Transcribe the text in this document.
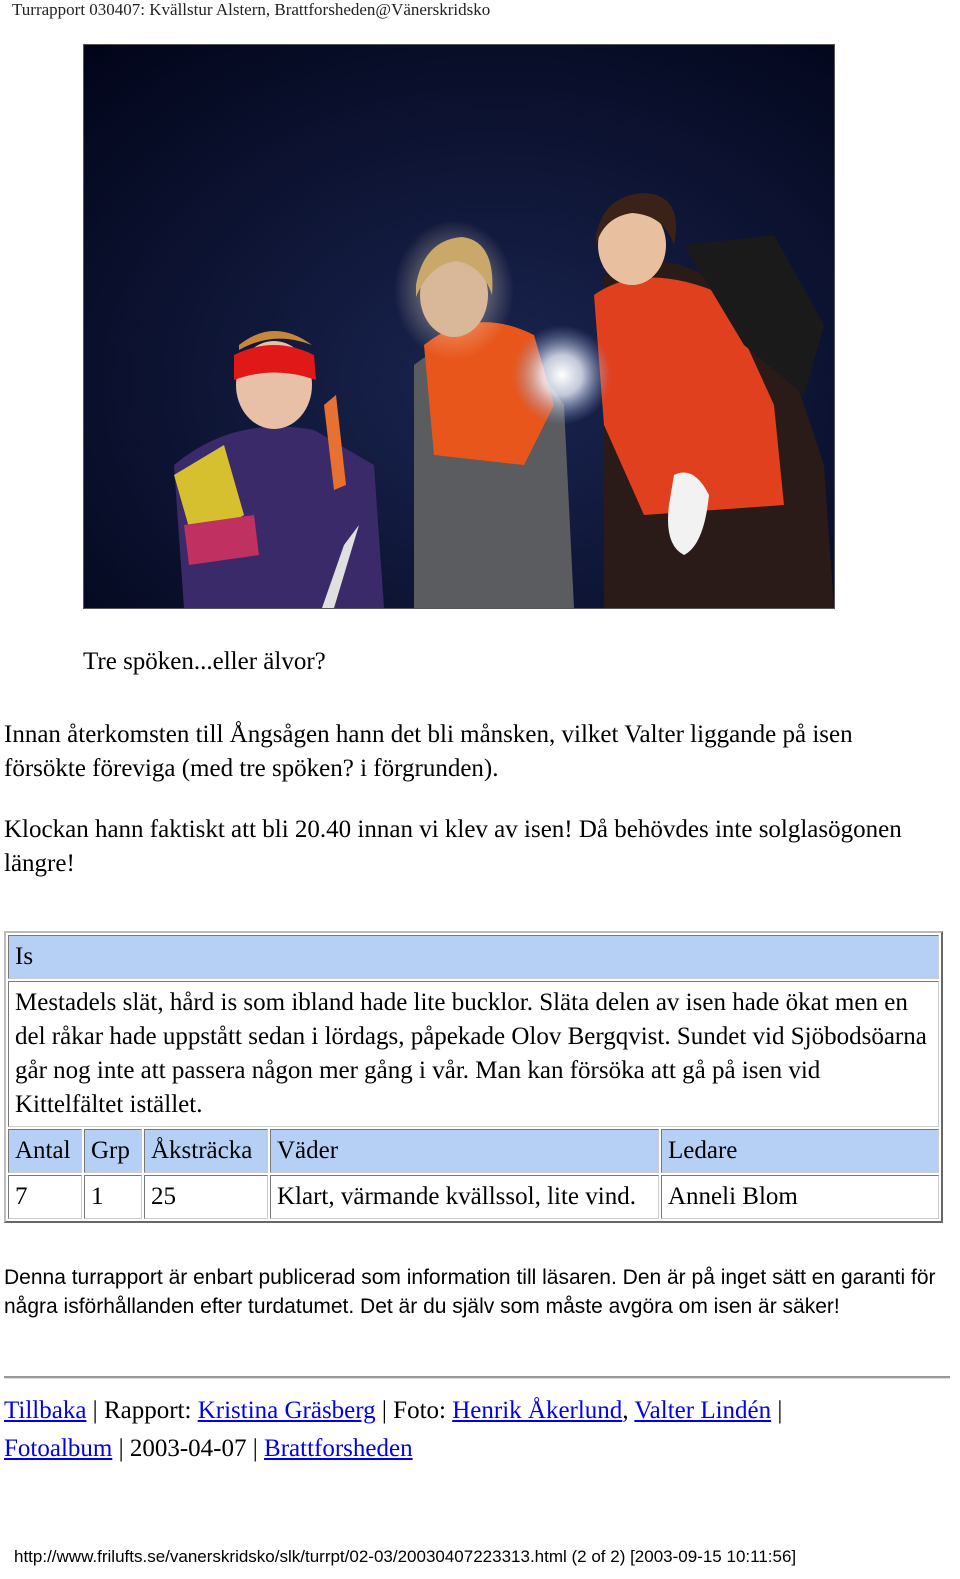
Turrapport 030407: Kvällstur Alstern, Brattforsheden@Vänerskridsko
Tre spöken...eller älvor?
Innan återkomsten till Ångsågen hann det bli månsken, vilket Valter liggande på isen försökte föreviga (med tre spöken? i förgrunden).
Klockan hann faktiskt att bli 20.40 innan vi klev av isen! Då behövdes inte solglasögonen längre!
Is				
Mestadels slät, hård is som ibland hade lite bucklor. Släta delen av isen hade ökat men en del råkar hade uppstått sedan i lördags, påpekade Olov Bergqvist. Sundet vid Sjöbodsöarna går nog inte att passera någon mer gång i vår. Man kan försöka att gå på isen vid Kittelfältet istället.				
Antal	Grp	Åksträcka	Väder	Ledare
7	1	25	Klart, värmande kvällssol, lite vind.	Anneli Blom
Denna turrapport är enbart publicerad som information till läsaren. Den är på inget sätt en garanti för några isförhållanden efter turdatumet. Det är du själv som måste avgöra om isen är säker!
Tillbaka | Rapport: Kristina Gräsberg | Foto: Henrik Åkerlund, Valter Lindén |
Fotoalbum | 2003-04-07 | Brattforsheden
http://www.frilufts.se/vanerskridsko/slk/turrpt/02-03/20030407223313.html (2 of 2) [2003-09-15 10:11:56]
